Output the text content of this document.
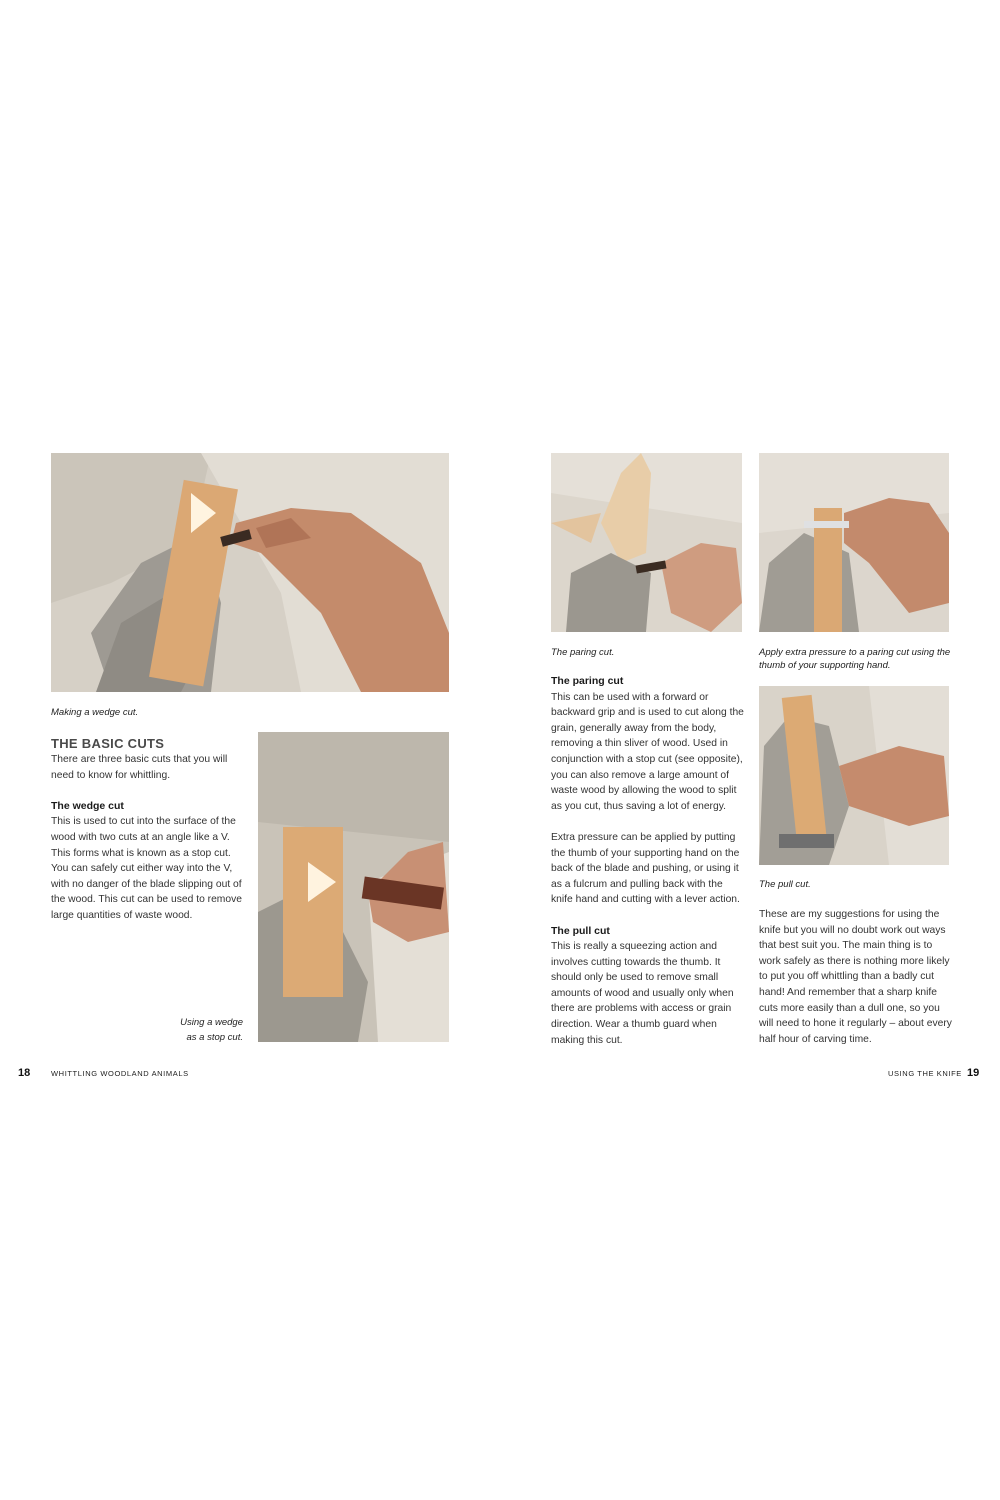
Making a wedge cut.
THE BASIC CUTS

There are three basic cuts that you will need to know for whittling.

The wedge cut

This is used to cut into the surface of the wood with two cuts at an angle like a V. This forms what is known as a stop cut. You can safely cut either way into the V, with no danger of the blade slipping out of the wood. This cut can be used to remove large quantities of waste wood.

Using a wedge
as a stop cut.
18	WHITTLING WOODLAND ANIMALS
The paring cut.	Apply extra pressure to a paring cut using the thumb of your supporting hand.
The paring cut

This can be used with a forward or backward grip and is used to cut along the grain, generally away from the body, removing a thin sliver of wood. Used in conjunction with a stop cut (see opposite), you can also remove a large amount of waste wood by allowing the wood to split as you cut, thus saving a lot of energy.

Extra pressure can be applied by putting the thumb of your supporting hand on the back of the blade and pushing, or using it as a fulcrum and pulling back with the knife hand and cutting with a lever action.

The pull cut

This is really a squeezing action and involves cutting towards the thumb. It should only be used to remove small amounts of wood and usually only when there are problems with access or grain direction. Wear a thumb guard when making this cut.

The pull cut.

These are my suggestions for using the knife but you will no doubt work out ways that best suit you. The main thing is to work safely as there is nothing more likely to put you off whittling than a badly cut hand! And remember that a sharp knife cuts more easily than a dull one, so you will need to hone it regularly – about every half hour of carving time.

USING THE KNIFE 19
